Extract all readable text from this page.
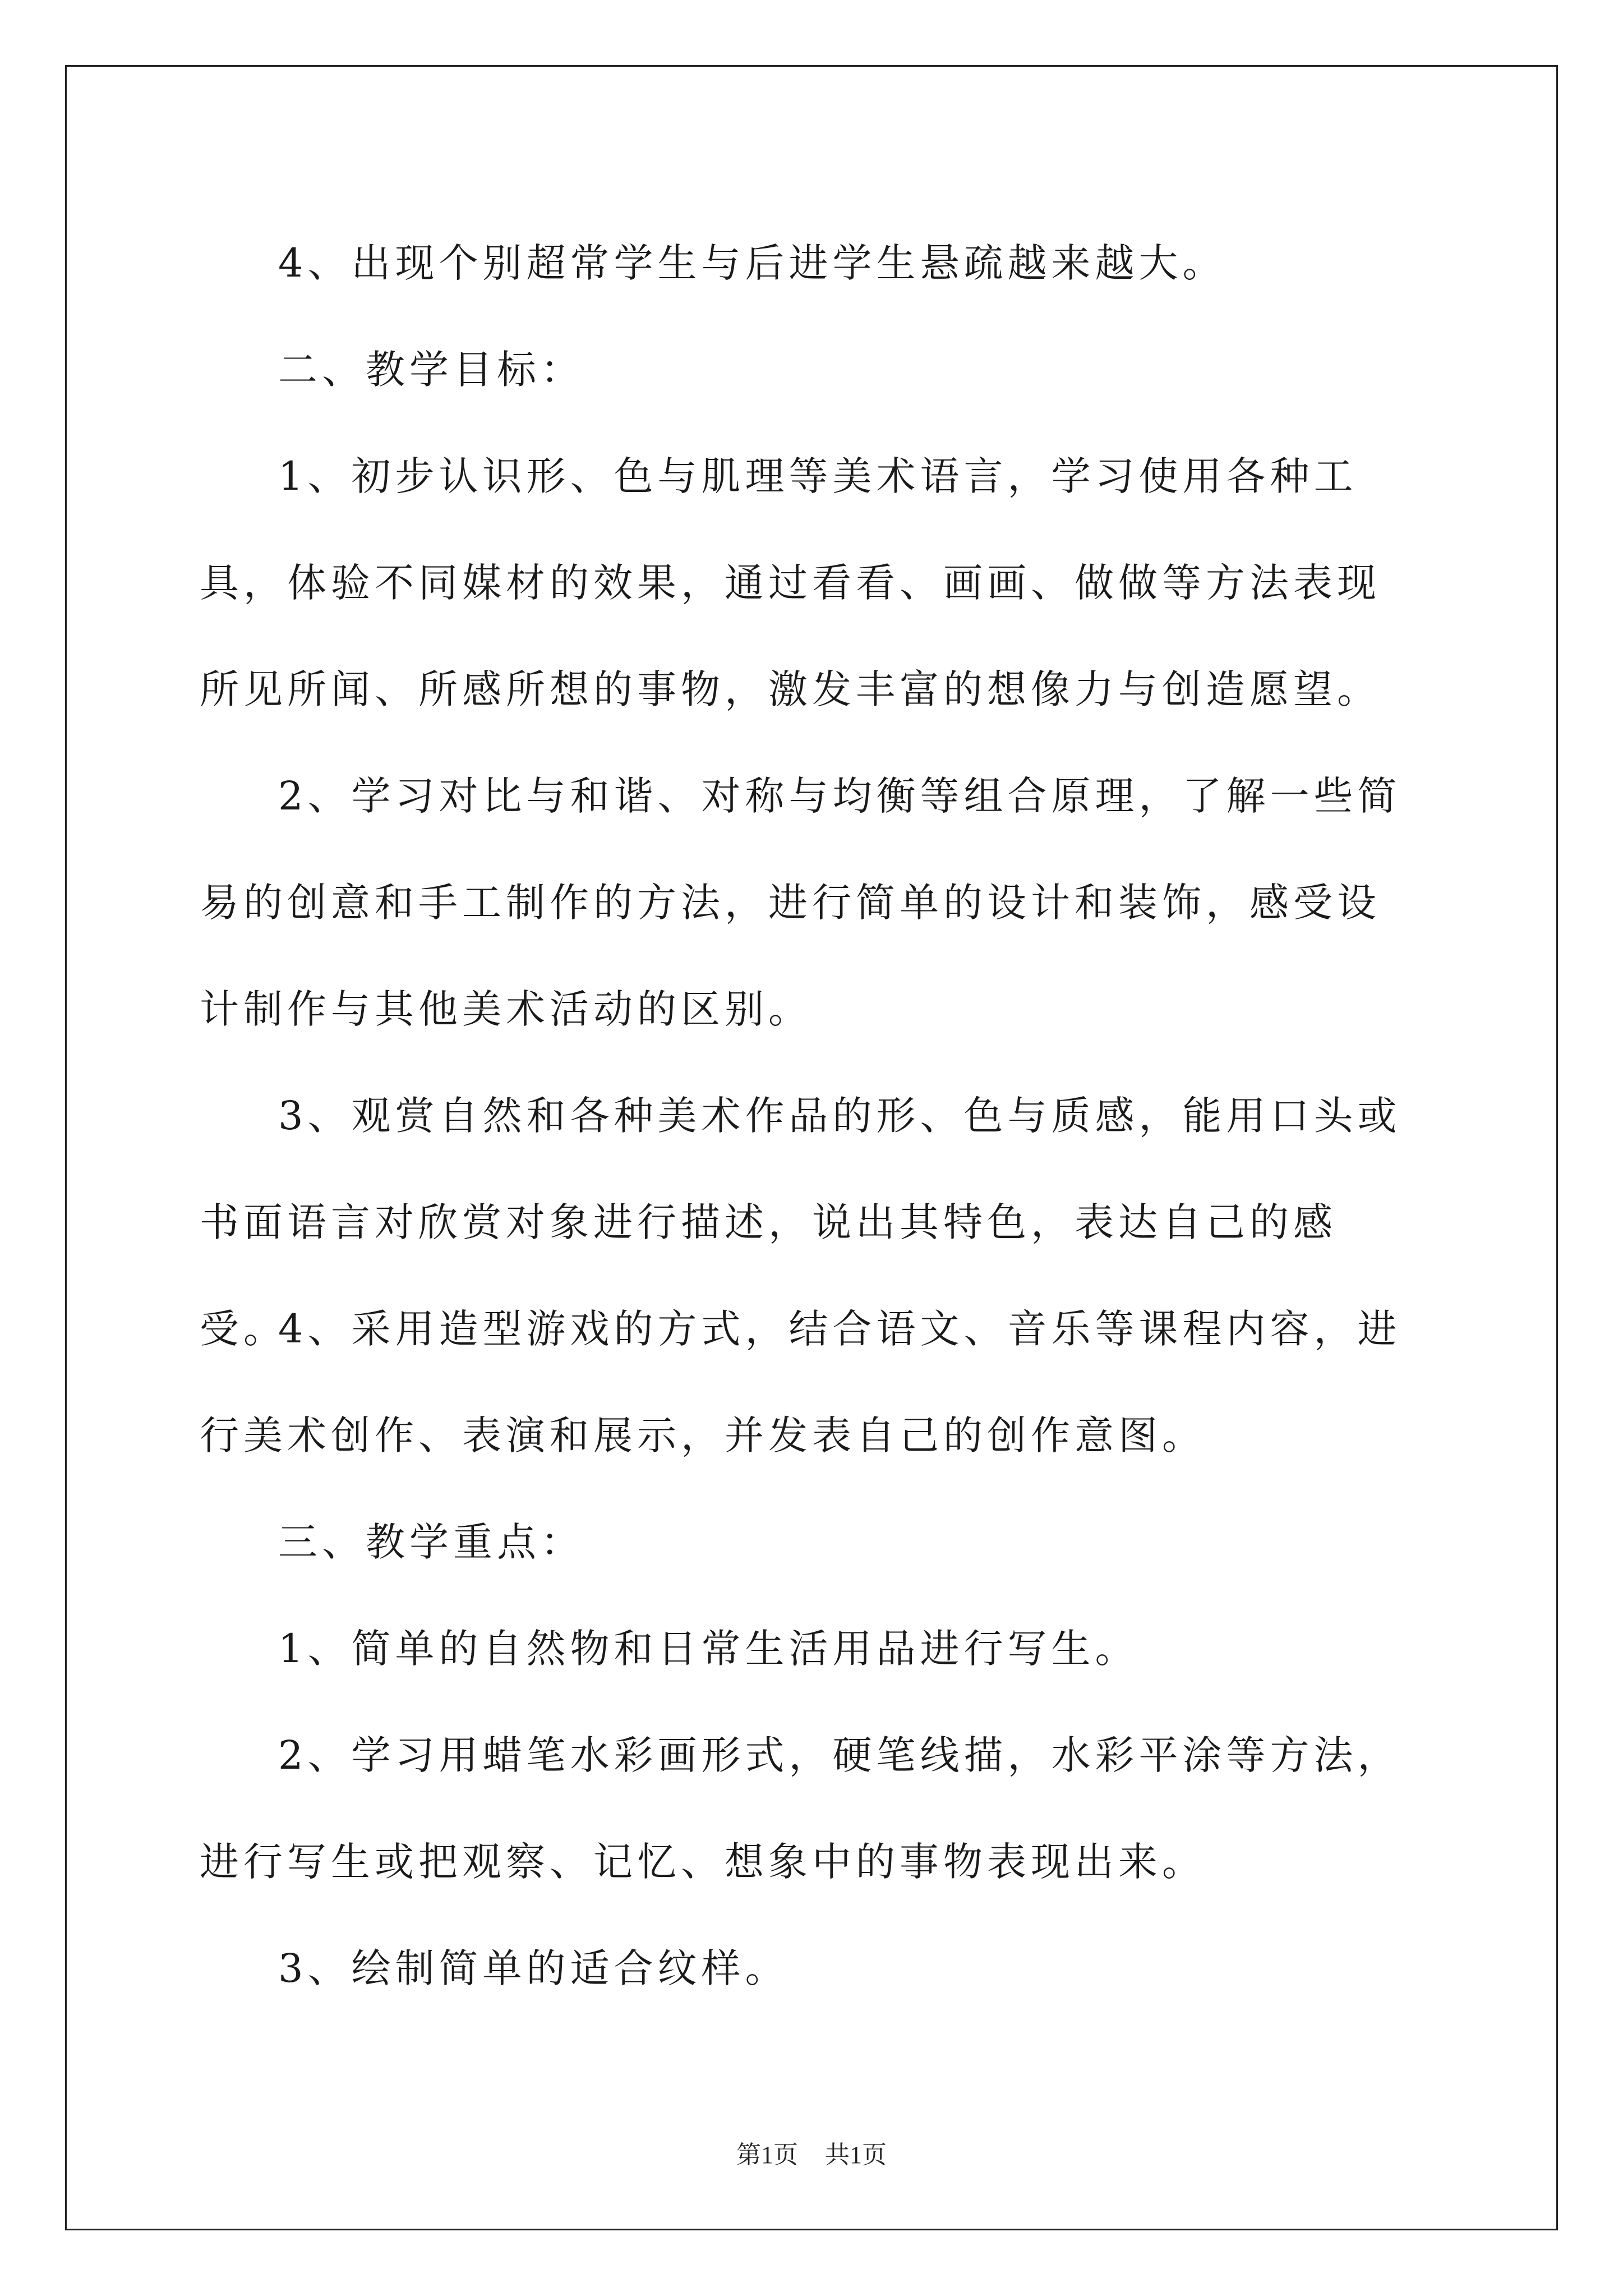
4、出现个别超常学生与后进学生悬疏越来越大。

二、教学目标：

1、初步认识形、色与肌理等美术语言，学习使用各种工具，体验不同媒材的效果，通过看看、画画、做做等方法表现所见所闻、所感所想的事物，激发丰富的想像力与创造愿望。

2、学习对比与和谐、对称与均衡等组合原理，了解一些简易的创意和手工制作的方法，进行简单的设计和装饰，感受设计制作与其他美术活动的区别。

3、观赏自然和各种美术作品的形、色与质感，能用口头或书面语言对欣赏对象进行描述，说出其特色，表达自己的感受。

4、采用造型游戏的方式，结合语文、音乐等课程内容，进行美术创作、表演和展示，并发表自己的创作意图。

三、教学重点：

1、简单的自然物和日常生活用品进行写生。

2、学习用蜡笔水彩画形式，硬笔线描，水彩平涂等方法，进行写生或把观察、记忆、想象中的事物表现出来。

3、绘制简单的适合纹样。

第1页 共1页
